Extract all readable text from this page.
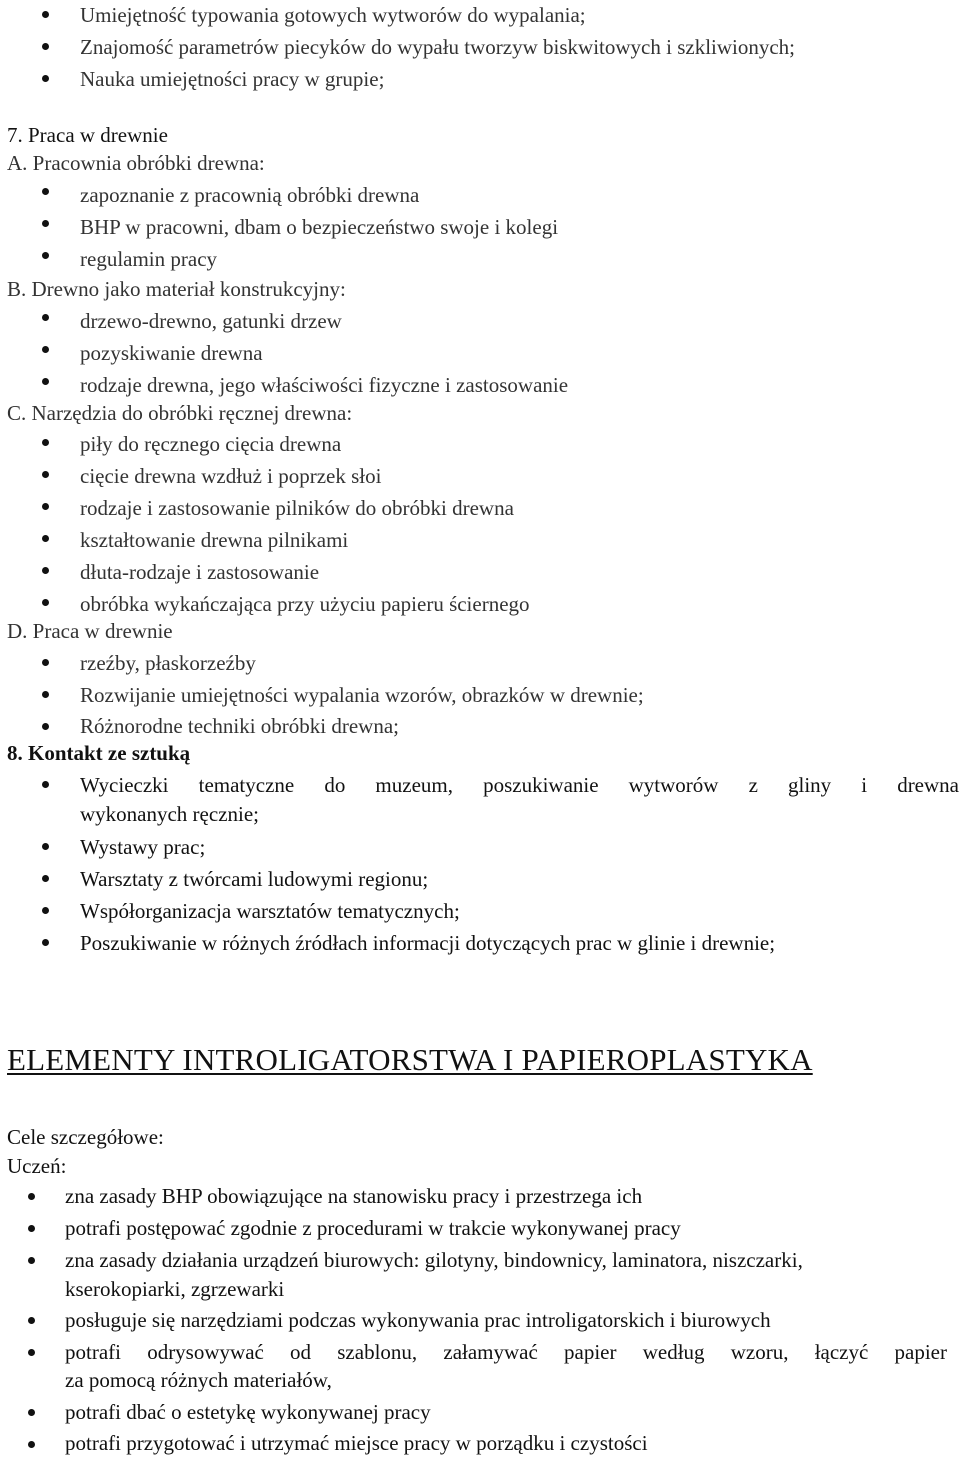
Umiejętność typowania gotowych wytworów do wypalania;

Znajomość parametrów piecyków do wypału tworzyw biskwitowych i szkliwionych;

Nauka umiejętności pracy w grupie;

7. Praca w drewnie

A. Pracownia obróbki drewna:

zapoznanie z pracownią obróbki drewna

BHP w pracowni, dbam o bezpieczeństwo swoje i kolegi

regulamin pracy

B. Drewno jako materiał konstrukcyjny:

drzewo-drewno, gatunki drzew

pozyskiwanie drewna

rodzaje drewna, jego właściwości fizyczne i zastosowanie

C. Narzędzia do obróbki ręcznej drewna:

piły do ręcznego cięcia drewna

cięcie drewna wzdłuż i poprzek słoi

rodzaje i zastosowanie pilników do obróbki drewna

kształtowanie drewna pilnikami

dłuta-rodzaje i zastosowanie

obróbka wykańczająca przy użyciu papieru ściernego

D. Praca w drewnie

rzeźby, płaskorzeźby

Rozwijanie umiejętności wypalania wzorów, obrazków w drewnie;

Różnorodne techniki obróbki drewna;

8. Kontakt ze sztuką

Wycieczki tematyczne do muzeum, poszukiwanie wytworów z gliny i drewna

wykonanych ręcznie;

Wystawy prac;

Warsztaty z twórcami ludowymi regionu;

Współorganizacja warsztatów tematycznych;

Poszukiwanie w różnych źródłach informacji dotyczących prac w glinie i drewnie;

ELEMENTY INTROLIGATORSTWA I PAPIEROPLASTYKA

Cele szczegółowe:

Uczeń:

zna zasady BHP obowiązujące na stanowisku pracy i przestrzega ich

potrafi postępować zgodnie z procedurami w trakcie wykonywanej pracy

zna zasady działania urządzeń biurowych: gilotyny, bindownicy, laminatora, niszczarki,

kserokopiarki, zgrzewarki

posługuje się narzędziami podczas wykonywania prac introligatorskich i biurowych

potrafi odrysowywać od szablonu, załamywać papier według wzoru, łączyć papier

za pomocą różnych materiałów,

potrafi dbać o estetykę wykonywanej pracy

potrafi przygotować i utrzymać miejsce pracy w porządku i czystości
